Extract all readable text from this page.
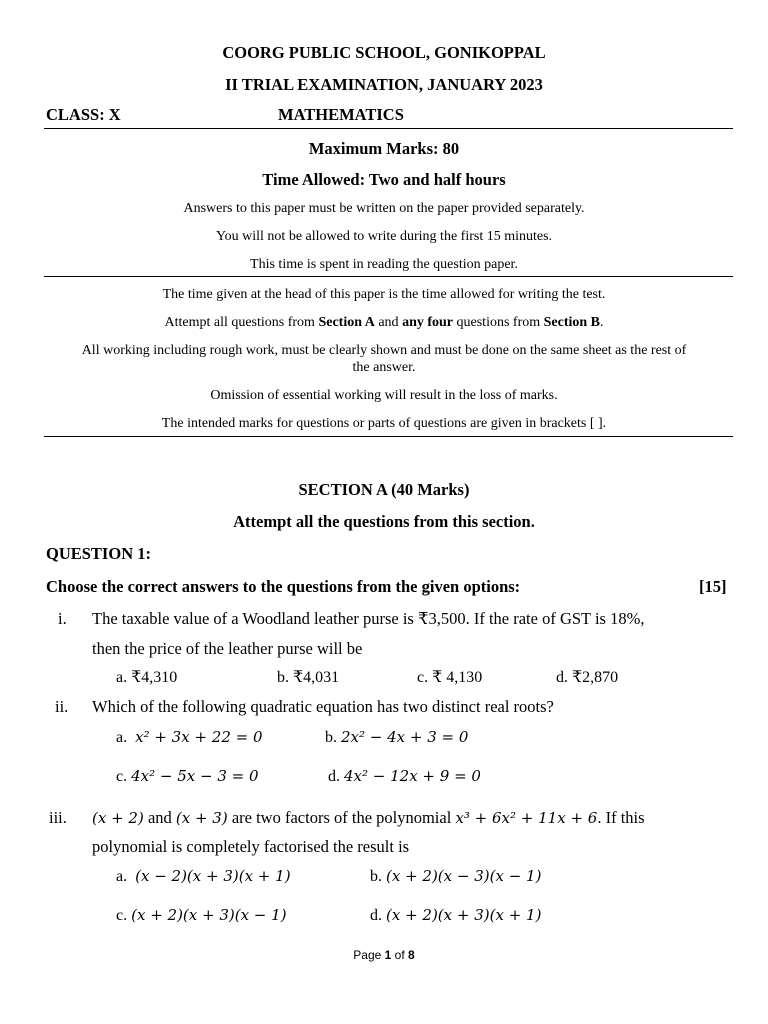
COORG PUBLIC SCHOOL, GONIKOPPAL
II TRIAL EXAMINATION, JANUARY 2023
CLASS: X	MATHEMATICS
Maximum Marks: 80
Time Allowed: Two and half hours
Answers to this paper must be written on the paper provided separately.
You will not be allowed to write during the first 15 minutes.
This time is spent in reading the question paper.
The time given at the head of this paper is the time allowed for writing the test.
Attempt all questions from Section A and any four questions from Section B.
All working including rough work, must be clearly shown and must be done on the same sheet as the rest of
the answer.
Omission of essential working will result in the loss of marks.
The intended marks for questions or parts of questions are given in brackets [ ].
SECTION A (40 Marks)
Attempt all the questions from this section.
QUESTION 1:
Choose the correct answers to the questions from the given options:	[15]
i. The taxable value of a Woodland leather purse is ₹3,500. If the rate of GST is 18%,
then the price of the leather purse will be
a. ₹4,310	b. ₹4,031	c. ₹ 4,130	d. ₹2,870
ii. Which of the following quadratic equation has two distinct real roots?
a. x² + 3x + 22 = 0	b. 2x² − 4x + 3 = 0
c. 4x² − 5x − 3 = 0	d. 4x² − 12x + 9 = 0
iii. (x + 2) and (x + 3) are two factors of the polynomial x³ + 6x² + 11x + 6. If this
polynomial is completely factorised the result is
a. (x − 2)(x + 3)(x + 1)	b. (x + 2)(x − 3)(x − 1)
c. (x + 2)(x + 3)(x − 1)	d. (x + 2)(x + 3)(x + 1)
Page 1 of 8
